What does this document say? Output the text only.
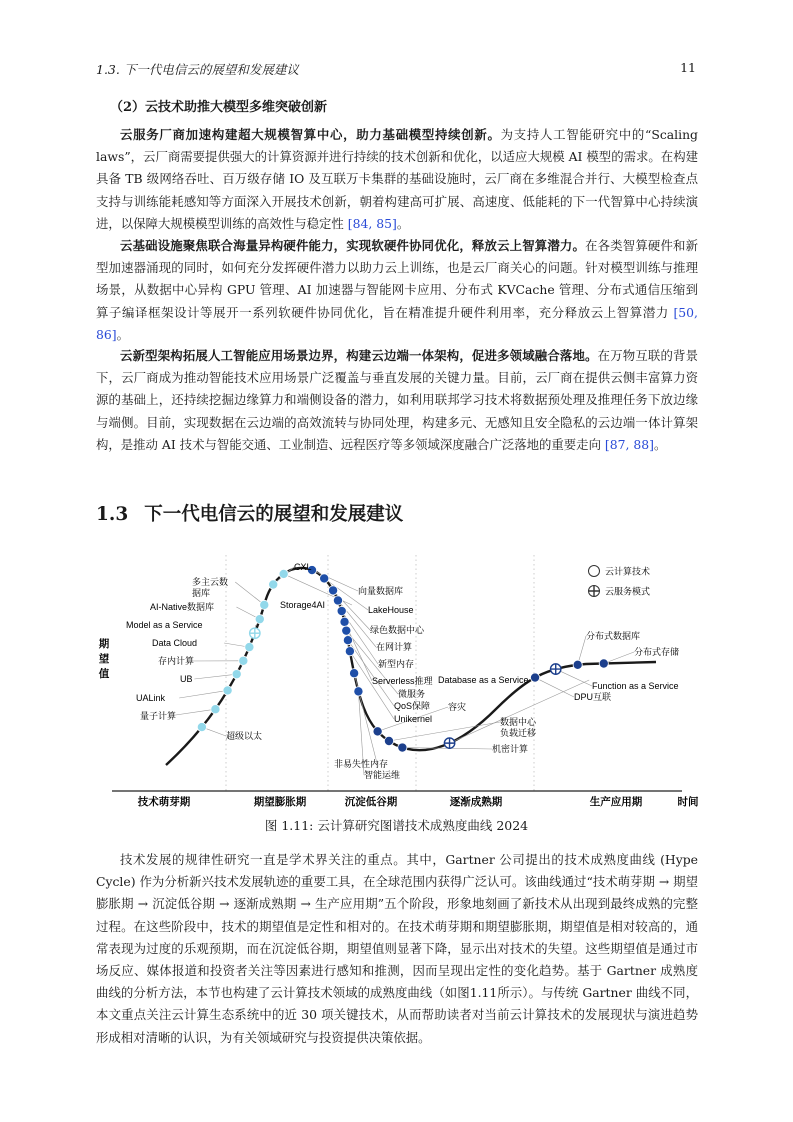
1.3. 下一代电信云的展望和发展建议	11
（2）云技术助推大模型多维突破创新

云服务厂商加速构建超大规模智算中心，助力基础模型持续创新。为支持人工智能研究中的“Scaling laws”，云厂商需要提供强大的计算资源并进行持续的技术创新和优化，以适应大规模 AI 模型的需求。在构建具备 TB 级网络吞吐、百万级存储 IO 及互联万卡集群的基础设施时，云厂商在多维混合并行、大模型检查点支持与训练能耗感知等方面深入开展技术创新，朝着构建高可扩展、高速度、低能耗的下一代智算中心持续演进，以保障大规模模型训练的高效性与稳定性 [84, 85]。

云基础设施聚焦联合海量异构硬件能力，实现软硬件协同优化，释放云上智算潜力。在各类智算硬件和新型加速器涌现的同时，如何充分发挥硬件潜力以助力云上训练，也是云厂商关心的问题。针对模型训练与推理场景，从数据中心异构 GPU 管理、AI 加速器与智能网卡应用、分布式 KVCache 管理、分布式通信压缩到算子编译框架设计等展开一系列软硬件协同优化，旨在精准提升硬件利用率，充分释放云上智算潜力 [50, 86]。

云新型架构拓展人工智能应用场景边界，构建云边端一体架构，促进多领域融合落地。在万物互联的背景下，云厂商成为推动智能技术应用场景广泛覆盖与垂直发展的关键力量。目前，云厂商在提供云侧丰富算力资源的基础上，还持续挖掘边缘算力和端侧设备的潜力，如利用联邦学习技术将数据预处理及推理任务下放边缘与端侧。目前，实现数据在云边端的高效流转与协同处理，构建多元、无感知且安全隐私的云边端一体计算架构，是推动 AI 技术与智能交通、工业制造、远程医疗等多领域深度融合广泛落地的重要走向 [87, 88]。

1.3 下一代电信云的展望和发展建议
技术萌芽期	期望膨胀期	沉淀低谷期	逐渐成熟期	生产应用期	时间
期
望
值
云计算技术
云服务模式
超级以太
量子计算
UALink
UB
存内计算
Data Cloud
Model as a Service
AI-Native数据库
多主云数
据库
CXL
Storage4AI
向量数据库
LakeHouse
绿色数据中心
在网计算
新型内存
Serverless推理
微服务
QoS保障
Unikernel
非易失性内存
智能运维
容灾
数据中心
负载迁移
机密计算
Database as a Service
DPU互联
Function as a Service
分布式数据库
分布式存储
图 1.11: 云计算研究图谱技术成熟度曲线 2024

技术发展的规律性研究一直是学术界关注的重点。其中，Gartner 公司提出的技术成熟度曲线 (Hype Cycle) 作为分析新兴技术发展轨迹的重要工具，在全球范围内获得广泛认可。该曲线通过“技术萌芽期 → 期望膨胀期 → 沉淀低谷期 → 逐渐成熟期 → 生产应用期”五个阶段，形象地刻画了新技术从出现到最终成熟的完整过程。在这些阶段中，技术的期望值是定性和相对的。在技术萌芽期和期望膨胀期，期望值是相对较高的，通常表现为过度的乐观预期，而在沉淀低谷期，期望值则显著下降，显示出对技术的失望。这些期望值是通过市场反应、媒体报道和投资者关注等因素进行感知和推测，因而呈现出定性的变化趋势。基于 Gartner 成熟度曲线的分析方法，本节也构建了云计算技术领域的成熟度曲线（如图1.11所示）。与传统 Gartner 曲线不同，本文重点关注云计算生态系统中的近 30 项关键技术，从而帮助读者对当前云计算技术的发展现状与演进趋势形成相对清晰的认识，为有关领域研究与投资提供决策依据。
